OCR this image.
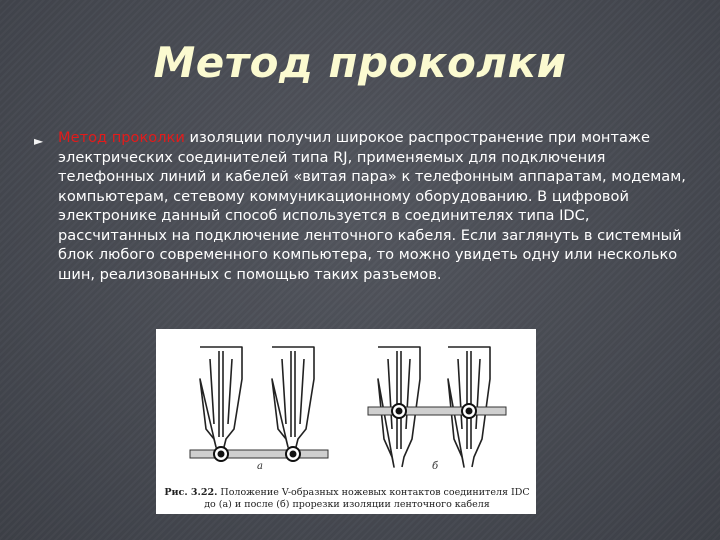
Метод проколки
► Метод проколки изоляции получил широкое распространение при монтаже электрических соединителей типа RJ, применяемых для подключения телефонных линий и кабелей «витая пара» к телефонным аппаратам, модемам, компьютерам, сетевому коммуникационному оборудованию. В цифровой электронике данный способ используется в соединителях типа IDC, рассчитанных на подключение ленточного кабеля. Если заглянуть в системный блок любого современного компьютера, то можно увидеть одну или несколько шин, реализованных с помощью таких разъемов.
а	б
Рис. 3.22. Положение V-образных ножевых контактов соединителя IDC до (а) и после (б) прорезки изоляции ленточного кабеля
